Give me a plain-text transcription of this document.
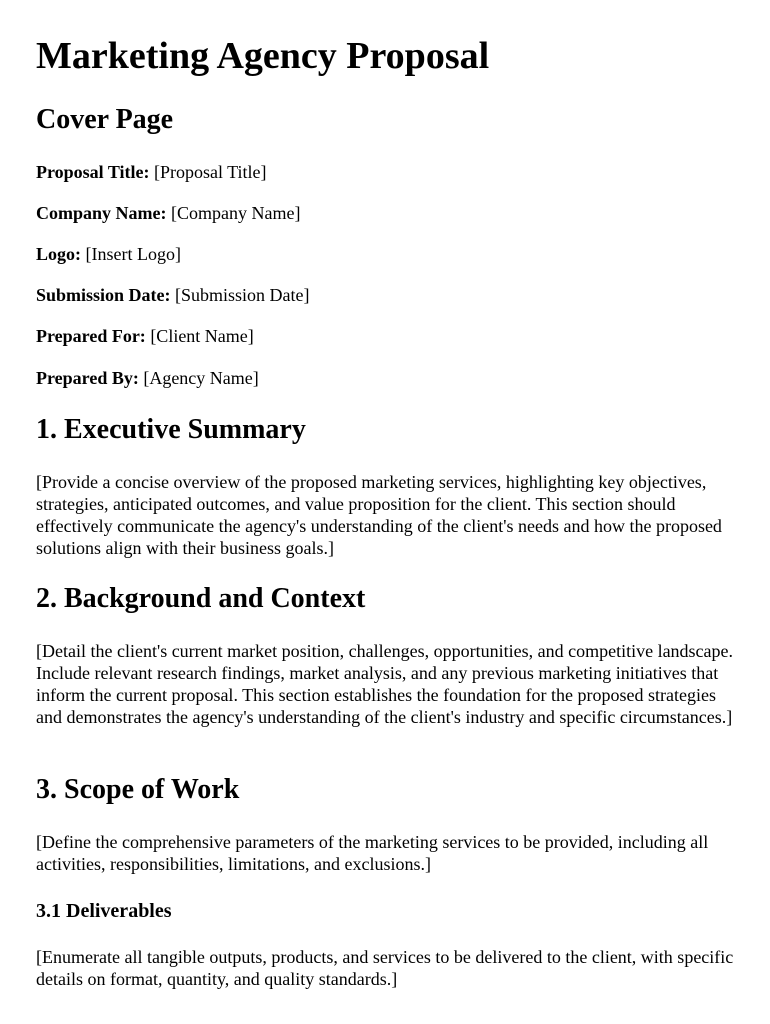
Marketing Agency Proposal
Cover Page

Proposal Title: [Proposal Title]

Company Name: [Company Name]

Logo: [Insert Logo]

Submission Date: [Submission Date]

Prepared For: [Client Name]

Prepared By: [Agency Name]

1. Executive Summary

[Provide a concise overview of the proposed marketing services, highlighting key objectives, strategies, anticipated outcomes, and value proposition for the client. This section should effectively communicate the agency's understanding of the client's needs and how the proposed solutions align with their business goals.]

2. Background and Context

[Detail the client's current market position, challenges, opportunities, and competitive landscape. Include relevant research findings, market analysis, and any previous marketing initiatives that inform the current proposal. This section establishes the foundation for the proposed strategies and demonstrates the agency's understanding of the client's industry and specific circumstances.]

3. Scope of Work

[Define the comprehensive parameters of the marketing services to be provided, including all activities, responsibilities, limitations, and exclusions.]

3.1 Deliverables

[Enumerate all tangible outputs, products, and services to be delivered to the client, with specific details on format, quantity, and quality standards.]
